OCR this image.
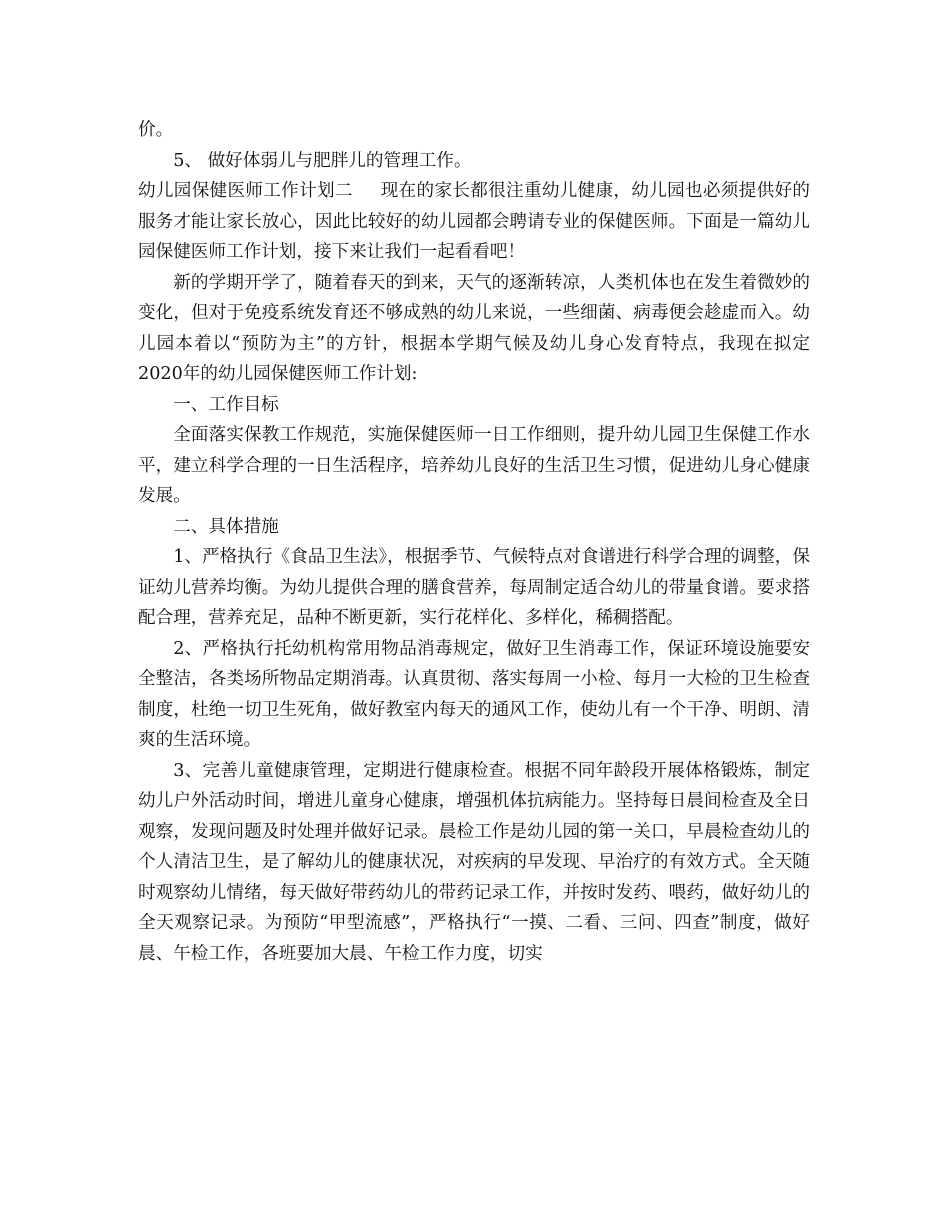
价。

5、 做好体弱儿与肥胖儿的管理工作。

幼儿园保健医师工作计划二 现在的家长都很注重幼儿健康，幼儿园也必须提供好的服务才能让家长放心，因此比较好的幼儿园都会聘请专业的保健医师。下面是一篇幼儿园保健医师工作计划，接下来让我们一起看看吧！

新的学期开学了，随着春天的到来，天气的逐渐转凉，人类机体也在发生着微妙的变化，但对于免疫系统发育还不够成熟的幼儿来说，一些细菌、病毒便会趁虚而入。幼儿园本着以“预防为主”的方针，根据本学期气候及幼儿身心发育特点，我现在拟定2020年的幼儿园保健医师工作计划:

一、工作目标

全面落实保教工作规范，实施保健医师一日工作细则，提升幼儿园卫生保健工作水平，建立科学合理的一日生活程序，培养幼儿良好的生活卫生习惯，促进幼儿身心健康发展。

二、具体措施

1、严格执行《食品卫生法》，根据季节、气候特点对食谱进行科学合理的调整，保证幼儿营养均衡。为幼儿提供合理的膳食营养，每周制定适合幼儿的带量食谱。要求搭配合理，营养充足，品种不断更新，实行花样化、多样化，稀稠搭配。

2、严格执行托幼机构常用物品消毒规定，做好卫生消毒工作，保证环境设施要安全整洁，各类场所物品定期消毒。认真贯彻、落实每周一小检、每月一大检的卫生检查制度，杜绝一切卫生死角，做好教室内每天的通风工作，使幼儿有一个干净、明朗、清爽的生活环境。

3、完善儿童健康管理，定期进行健康检查。根据不同年龄段开展体格锻炼，制定幼儿户外活动时间，增进儿童身心健康，增强机体抗病能力。坚持每日晨间检查及全日观察，发现问题及时处理并做好记录。晨检工作是幼儿园的第一关口，早晨检查幼儿的个人清洁卫生，是了解幼儿的健康状况，对疾病的早发现、早治疗的有效方式。全天随时观察幼儿情绪，每天做好带药幼儿的带药记录工作，并按时发药、喂药，做好幼儿的全天观察记录。为预防“甲型流感”，严格执行“一摸、二看、三问、四查”制度，做好晨、午检工作，各班要加大晨、午检工作力度，切实
